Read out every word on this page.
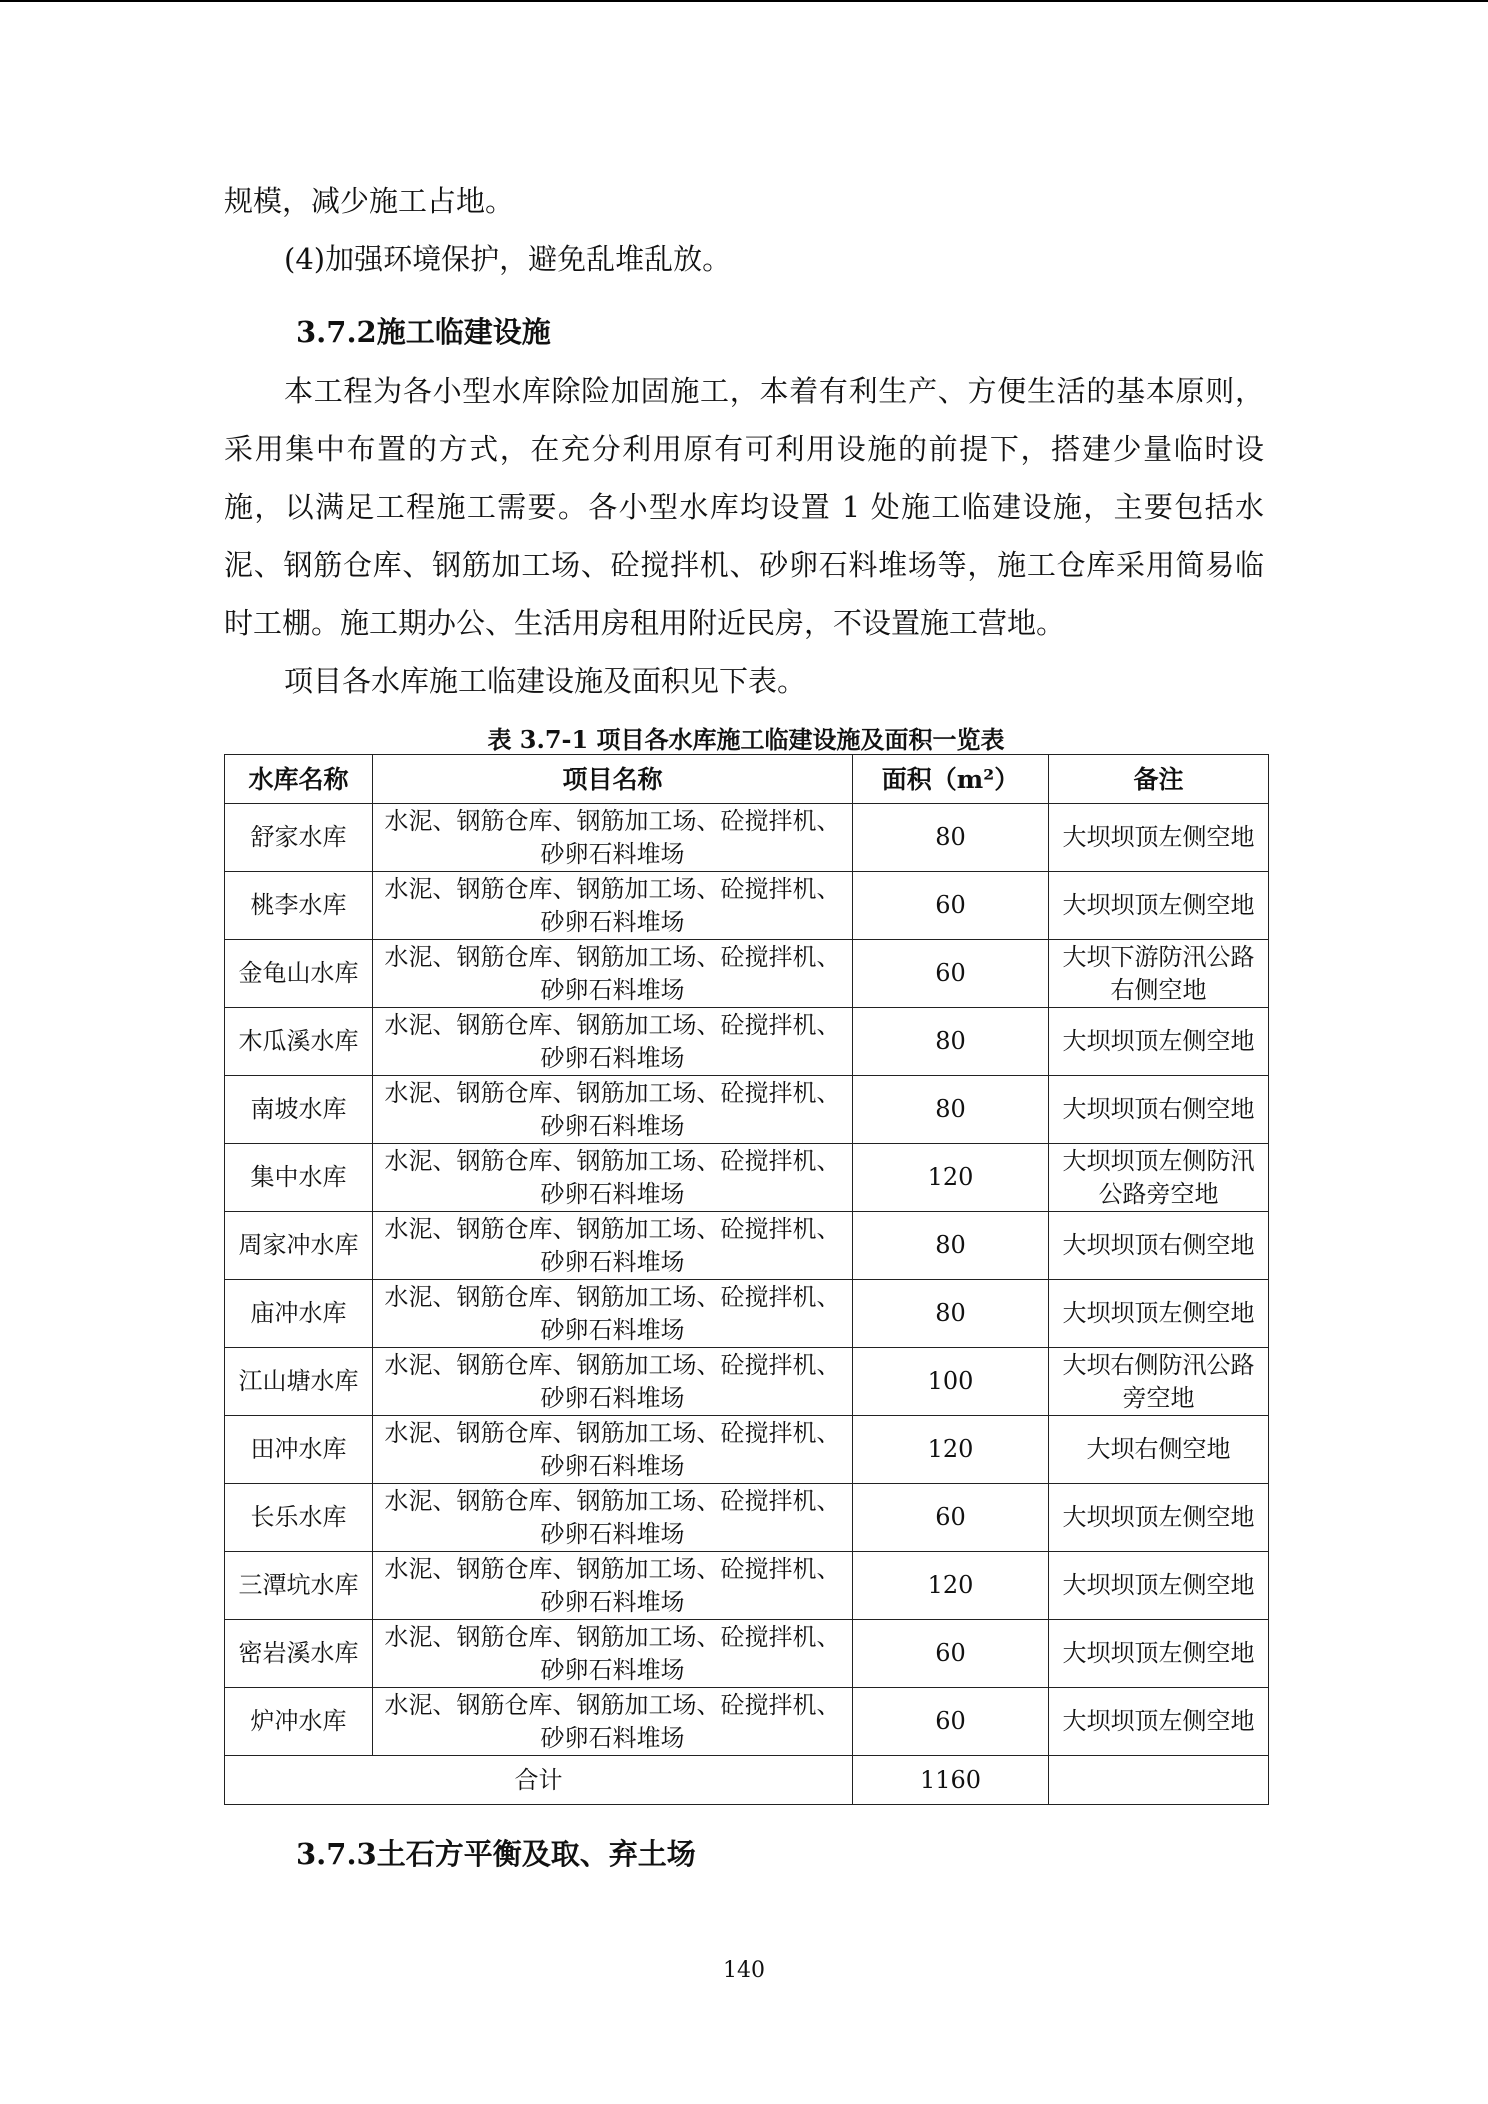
规模，减少施工占地。

(4)加强环境保护，避免乱堆乱放。

3.7.2施工临建设施

本工程为各小型水库除险加固施工，本着有利生产、方便生活的基本原则，采用集中布置的方式，在充分利用原有可利用设施的前提下，搭建少量临时设施，以满足工程施工需要。各小型水库均设置 1 处施工临建设施，主要包括水泥、钢筋仓库、钢筋加工场、砼搅拌机、砂卵石料堆场等，施工仓库采用简易临时工棚。施工期办公、生活用房租用附近民房，不设置施工营地。

项目各水库施工临建设施及面积见下表。

表 3.7-1 项目各水库施工临建设施及面积一览表
水库名称	项目名称	面积（m²）	备注
舒家水库	水泥、钢筋仓库、钢筋加工场、砼搅拌机、砂卵石料堆场	80	大坝坝顶左侧空地
桃李水库	水泥、钢筋仓库、钢筋加工场、砼搅拌机、砂卵石料堆场	60	大坝坝顶左侧空地
金龟山水库	水泥、钢筋仓库、钢筋加工场、砼搅拌机、砂卵石料堆场	60	大坝下游防汛公路右侧空地
木瓜溪水库	水泥、钢筋仓库、钢筋加工场、砼搅拌机、砂卵石料堆场	80	大坝坝顶左侧空地
南坡水库	水泥、钢筋仓库、钢筋加工场、砼搅拌机、砂卵石料堆场	80	大坝坝顶右侧空地
集中水库	水泥、钢筋仓库、钢筋加工场、砼搅拌机、砂卵石料堆场	120	大坝坝顶左侧防汛公路旁空地
周家冲水库	水泥、钢筋仓库、钢筋加工场、砼搅拌机、砂卵石料堆场	80	大坝坝顶右侧空地
庙冲水库	水泥、钢筋仓库、钢筋加工场、砼搅拌机、砂卵石料堆场	80	大坝坝顶左侧空地
江山塘水库	水泥、钢筋仓库、钢筋加工场、砼搅拌机、砂卵石料堆场	100	大坝右侧防汛公路旁空地
田冲水库	水泥、钢筋仓库、钢筋加工场、砼搅拌机、砂卵石料堆场	120	大坝右侧空地
长乐水库	水泥、钢筋仓库、钢筋加工场、砼搅拌机、砂卵石料堆场	60	大坝坝顶左侧空地
三潭坑水库	水泥、钢筋仓库、钢筋加工场、砼搅拌机、砂卵石料堆场	120	大坝坝顶左侧空地
密岩溪水库	水泥、钢筋仓库、钢筋加工场、砼搅拌机、砂卵石料堆场	60	大坝坝顶左侧空地
炉冲水库	水泥、钢筋仓库、钢筋加工场、砼搅拌机、砂卵石料堆场	60	大坝坝顶左侧空地
合计		1160	

3.7.3土石方平衡及取、弃土场

140
